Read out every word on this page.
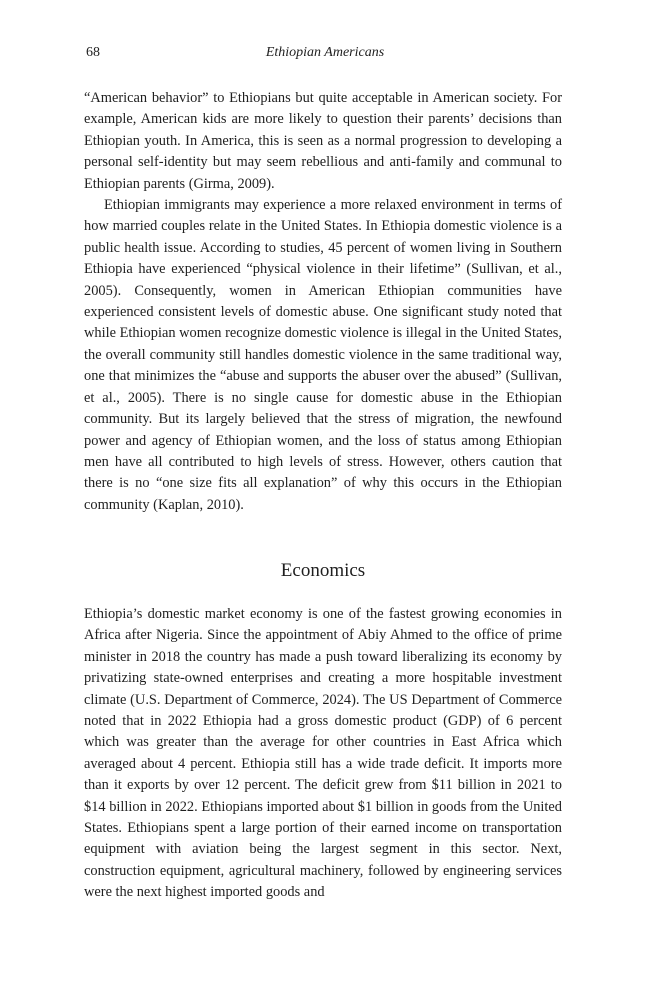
68	Ethiopian Americans

“American behavior” to Ethiopians but quite acceptable in American society. For example, American kids are more likely to question their parents’ decisions than Ethiopian youth. In America, this is seen as a normal progression to developing a personal self-identity but may seem rebellious and anti-family and communal to Ethiopian parents (Girma, 2009).

Ethiopian immigrants may experience a more relaxed environment in terms of how married couples relate in the United States. In Ethiopia domestic violence is a public health issue. According to studies, 45 percent of women living in Southern Ethiopia have experienced “physical violence in their lifetime” (Sullivan, et al., 2005). Consequently, women in American Ethiopian communities have experienced consistent levels of domestic abuse. One significant study noted that while Ethiopian women recognize domestic violence is illegal in the United States, the overall community still handles domestic violence in the same traditional way, one that minimizes the “abuse and supports the abuser over the abused” (Sullivan, et al., 2005). There is no single cause for domestic abuse in the Ethiopian community. But its largely believed that the stress of migration, the newfound power and agency of Ethiopian women, and the loss of status among Ethiopian men have all contributed to high levels of stress. However, others caution that there is no “one size fits all explanation” of why this occurs in the Ethiopian community (Kaplan, 2010).

Economics

Ethiopia’s domestic market economy is one of the fastest growing economies in Africa after Nigeria. Since the appointment of Abiy Ahmed to the office of prime minister in 2018 the country has made a push toward liberalizing its economy by privatizing state-owned enterprises and creating a more hospitable investment climate (U.S. Department of Commerce, 2024). The US Department of Commerce noted that in 2022 Ethiopia had a gross domestic product (GDP) of 6 percent which was greater than the average for other countries in East Africa which averaged about 4 percent. Ethiopia still has a wide trade deficit. It imports more than it exports by over 12 percent. The deficit grew from $11 billion in 2021 to $14 billion in 2022. Ethiopians imported about $1 billion in goods from the United States. Ethiopians spent a large portion of their earned income on transportation equipment with aviation being the largest segment in this sector. Next, construction equipment, agricultural machinery, followed by engineering services were the next highest imported goods and
